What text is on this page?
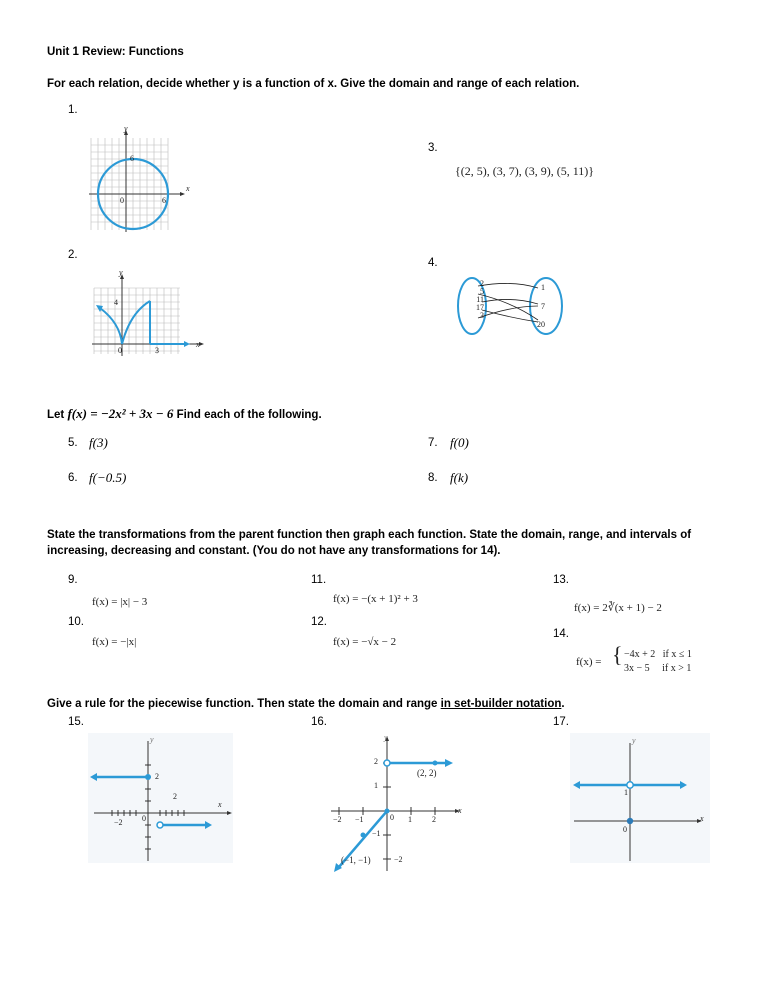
Unit 1 Review: Functions
For each relation, decide whether y is a function of x. Give the domain and range of each relation.
1.
3.
2.
4.
y
x
6
0	6
y
x
4
0	3
{(2, 5), (3, 7), (3, 9), (5, 11)}
2
5
11
17
3
1
7
20
Let f(x) = −2x² + 3x − 6 Find each of the following.
5. f(3)	7. f(0)
6. f(−0.5)	8. f(k)
State the transformations from the parent function then graph each function. State the domain, range, and intervals of increasing, decreasing and constant. (You do not have any transformations for 14).
9.
f(x) = |x| − 3
11.
f(x) = −(x + 1)² + 3
13.
f(x) = 2∛(x + 1) − 2
10.
f(x) = −|x|
12.
f(x) = −√x − 2
14.
f(x) = { −4x + 2   if x ≤ 1
3x − 5     if x > 1
Give a rule for the piecewise function. Then state the domain and range in set-builder notation.
15.	16.	17.
y
x
2
2
−2 0
y
x
2
1
−1
−2
−2 −1	0 1	2
(2, 2)
(−1, −1)
y
x
1
0
